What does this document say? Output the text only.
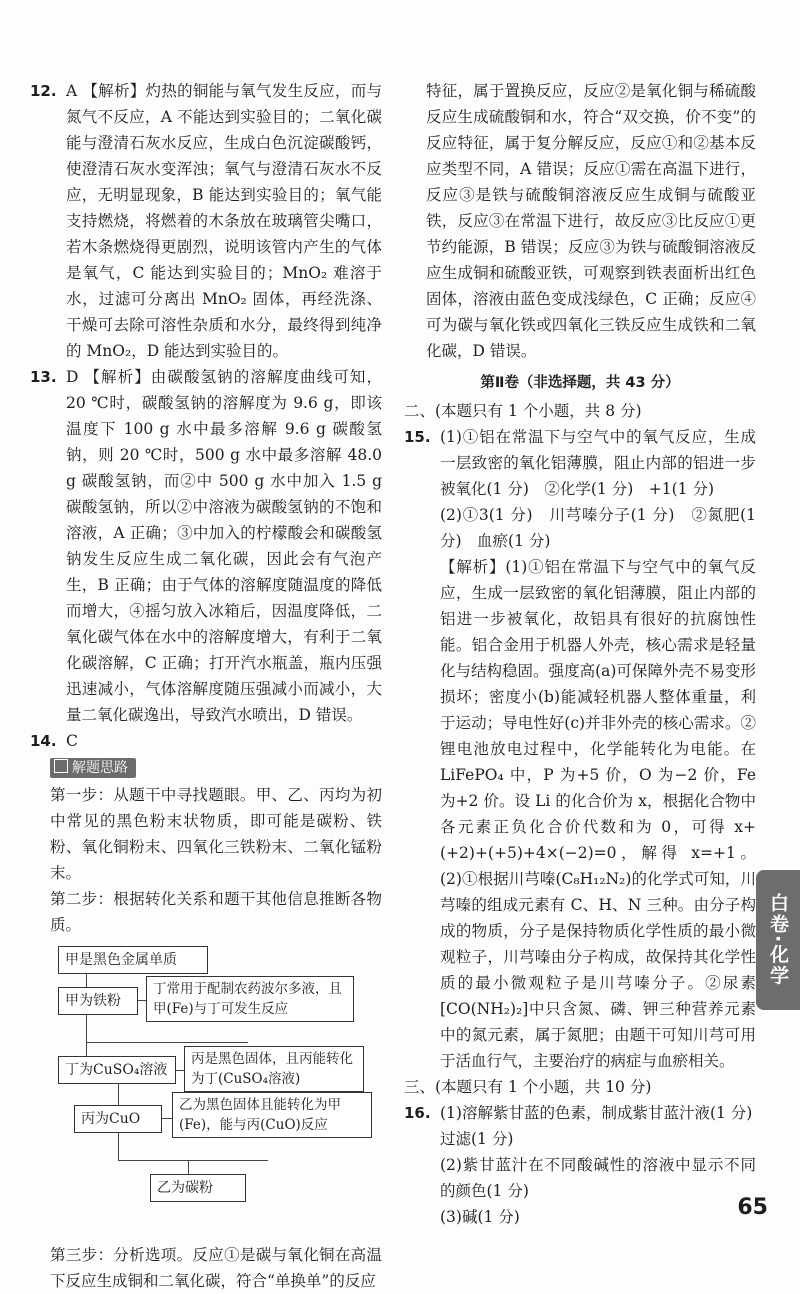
12. A 【解析】灼热的铜能与氧气发生反应，而与氮气不反应，A 不能达到实验目的；二氧化碳能与澄清石灰水反应，生成白色沉淀碳酸钙，使澄清石灰水变浑浊；氧气与澄清石灰水不反应，无明显现象，B 能达到实验目的；氧气能支持燃烧，将燃着的木条放在玻璃管尖嘴口，若木条燃烧得更剧烈，说明该管内产生的气体是氧气，C 能达到实验目的；MnO₂ 难溶于水，过滤可分离出 MnO₂ 固体，再经洗涤、干燥可去除可溶性杂质和水分，最终得到纯净的 MnO₂，D 能达到实验目的。

13. D 【解析】由碳酸氢钠的溶解度曲线可知，20 ℃时，碳酸氢钠的溶解度为 9.6 g，即该温度下 100 g 水中最多溶解 9.6 g 碳酸氢钠，则 20 ℃时，500 g 水中最多溶解 48.0 g 碳酸氢钠，而②中 500 g 水中加入 1.5 g 碳酸氢钠，所以②中溶液为碳酸氢钠的不饱和溶液，A 正确；③中加入的柠檬酸会和碳酸氢钠发生反应生成二氧化碳，因此会有气泡产生，B 正确；由于气体的溶解度随温度的降低而增大，④摇匀放入冰箱后，因温度降低，二氧化碳气体在水中的溶解度增大，有利于二氧化碳溶解，C 正确；打开汽水瓶盖，瓶内压强迅速减小，气体溶解度随压强减小而减小，大量二氧化碳逸出，导致汽水喷出，D 错误。

14. C

解题思路

第一步：从题干中寻找题眼。甲、乙、丙均为初中常见的黑色粉末状物质，即可能是碳粉、铁粉、氧化铜粉末、四氧化三铁粉末、二氧化锰粉末。

第二步：根据转化关系和题干其他信息推断各物质。

甲是黑色金属单质
甲为铁粉
丁常用于配制农药波尔多液，且甲(Fe)与丁可发生反应
丁为CuSO₄溶液
丙是黑色固体，且丙能转化为丁(CuSO₄溶液)
丙为CuO
乙为黑色固体且能转化为甲(Fe)，能与丙(CuO)反应
乙为碳粉

第三步：分析选项。反应①是碳与氧化铜在高温下反应生成铜和二氧化碳，符合“单换单”的反应

特征，属于置换反应，反应②是氧化铜与稀硫酸反应生成硫酸铜和水，符合“双交换，价不变”的反应特征，属于复分解反应，反应①和②基本反应类型不同，A 错误；反应①需在高温下进行，反应③是铁与硫酸铜溶液反应生成铜与硫酸亚铁，反应③在常温下进行，故反应③比反应①更节约能源，B 错误；反应③为铁与硫酸铜溶液反应生成铜和硫酸亚铁，可观察到铁表面析出红色固体，溶液由蓝色变成浅绿色，C 正确；反应④可为碳与氧化铁或四氧化三铁反应生成铁和二氧化碳，D 错误。

第Ⅱ卷（非选择题，共 43 分）

二、(本题只有 1 个小题，共 8 分)

15. (1)①铝在常温下与空气中的氧气反应，生成一层致密的氧化铝薄膜，阻止内部的铝进一步被氧化(1 分)　②化学(1 分)　+1(1 分)

(2)①3(1 分)　川芎嗪分子(1 分)　②氮肥(1 分)　血瘀(1 分)

【解析】(1)①铝在常温下与空气中的氧气反应，生成一层致密的氧化铝薄膜，阻止内部的铝进一步被氧化，故铝具有很好的抗腐蚀性能。铝合金用于机器人外壳，核心需求是轻量化与结构稳固。强度高(a)可保障外壳不易变形损坏；密度小(b)能减轻机器人整体重量，利于运动；导电性好(c)并非外壳的核心需求。②锂电池放电过程中，化学能转化为电能。在 LiFePO₄ 中，P 为+5 价，O 为−2 价，Fe 为+2 价。设 Li 的化合价为 x，根据化合物中各元素正负化合价代数和为 0，可得 x+(+2)+(+5)+4×(−2)=0，解得 x=+1。(2)①根据川芎嗪(C₈H₁₂N₂)的化学式可知，川芎嗪的组成元素有 C、H、N 三种。由分子构成的物质，分子是保持物质化学性质的最小微观粒子，川芎嗪由分子构成，故保持其化学性质的最小微观粒子是川芎嗪分子。②尿素[CO(NH₂)₂]中只含氮、磷、钾三种营养元素中的氮元素，属于氮肥；由题干可知川芎可用于活血行气，主要治疗的病症与血瘀相关。

三、(本题只有 1 个小题，共 10 分)

16. (1)溶解紫甘蓝的色素，制成紫甘蓝汁液(1 分)

过滤(1 分)

(2)紫甘蓝汁在不同酸碱性的溶液中显示不同的颜色(1 分)

(3)碱(1 分)

白卷·化学
65
